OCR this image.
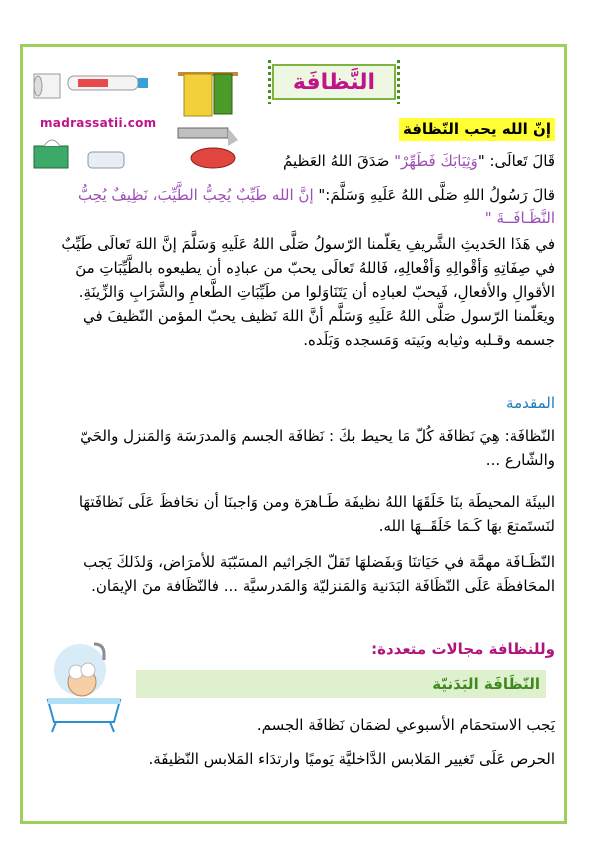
madrassatii.com
النَّظافَة
إنّ الله يحب النّظافة
قَالَ تَعالَى: "وَثِيَابَكَ فَطَهِّرْ" صَدَقَ اللهُ العَظيمُ
قالَ رَسُولُ اللهِ صَلَّى اللهُ عَلَيهِ وَسَلَّمَ:" إنَّ الله طَيِّبٌ يُحِبُّ الطَّيِّبَ، نَظِيفٌ يُحِبُّ النَّظَـافَــةَ "
في هَذَا الحَديثِ الشَّريفِ يعَلّمنا الرّسولُ صَلَّى اللهُ عَلَيهِ وَسَلَّمَ إنَّ اللهَ تَعالَى طَيِّبٌ في صِفَاتِهِ وَأقْوالِهِ وَأفْعالِهِ، فَاللهُ تَعالَى يحبّ من عبادِه أن يطيعوه بالطَّيِّبَاتِ منَ الأقوالِ والأفعالِ، فَيحبّ لعبادِه أن يَتَنَاوَلوا من طَيِّبَاتِ الطَّعامِ والشَّرَابِ وَالزِّينَةِ. ويعَلّمنا الرّسول صَلَّى اللهُ عَلَيهِ وَسَلَّم أنَّ اللهَ نَظيف يحبّ المؤمن النّظيفَ في جسمه وقـلبه وثيابه وبَيته وَمَسجده وَبَلَده.
المقدمة
النّظافَة: هِيَ نَظافَة كُلّ مَا يحيط بكَ : نَظافَة الجسم وَالمدرَسَة وَالمَنزل والحَيّ والشّارع ...
البيئَة المحيطَة بنَا خَلَقَهَا اللهُ نظيفَة طَـاهرَة ومن وَاجبنَا أن نحَافظَ عَلَى نَظافَتهَا لنَستَمتعَ بهَا كَـمَا خَلَقَــهَا الله.
النّظَـافَة مهمَّة في حَيَاتنَا وَبفَضلهَا تَقلّ الجَراثيم المسَبّبَة للأمرَاض، وَلذَلكَ يَجب المحَافظَة عَلَى النّظَافَة البَدَنية وَالمَنزليّة وَالمَدرسيَّة ... فالنّظَافة منَ الإيمَان.
وللنظافة مجالات متعددة:
النّظَافَة البَدَنيّة
يَجب الاستحمَام الأسبوعي لضمَان نَظافَة الجسم.
الحرص عَلَى تَغيير المَلابس الدَّاخليَّة يَوميًا وارتدَاء المَلابس النّظيفَة.
